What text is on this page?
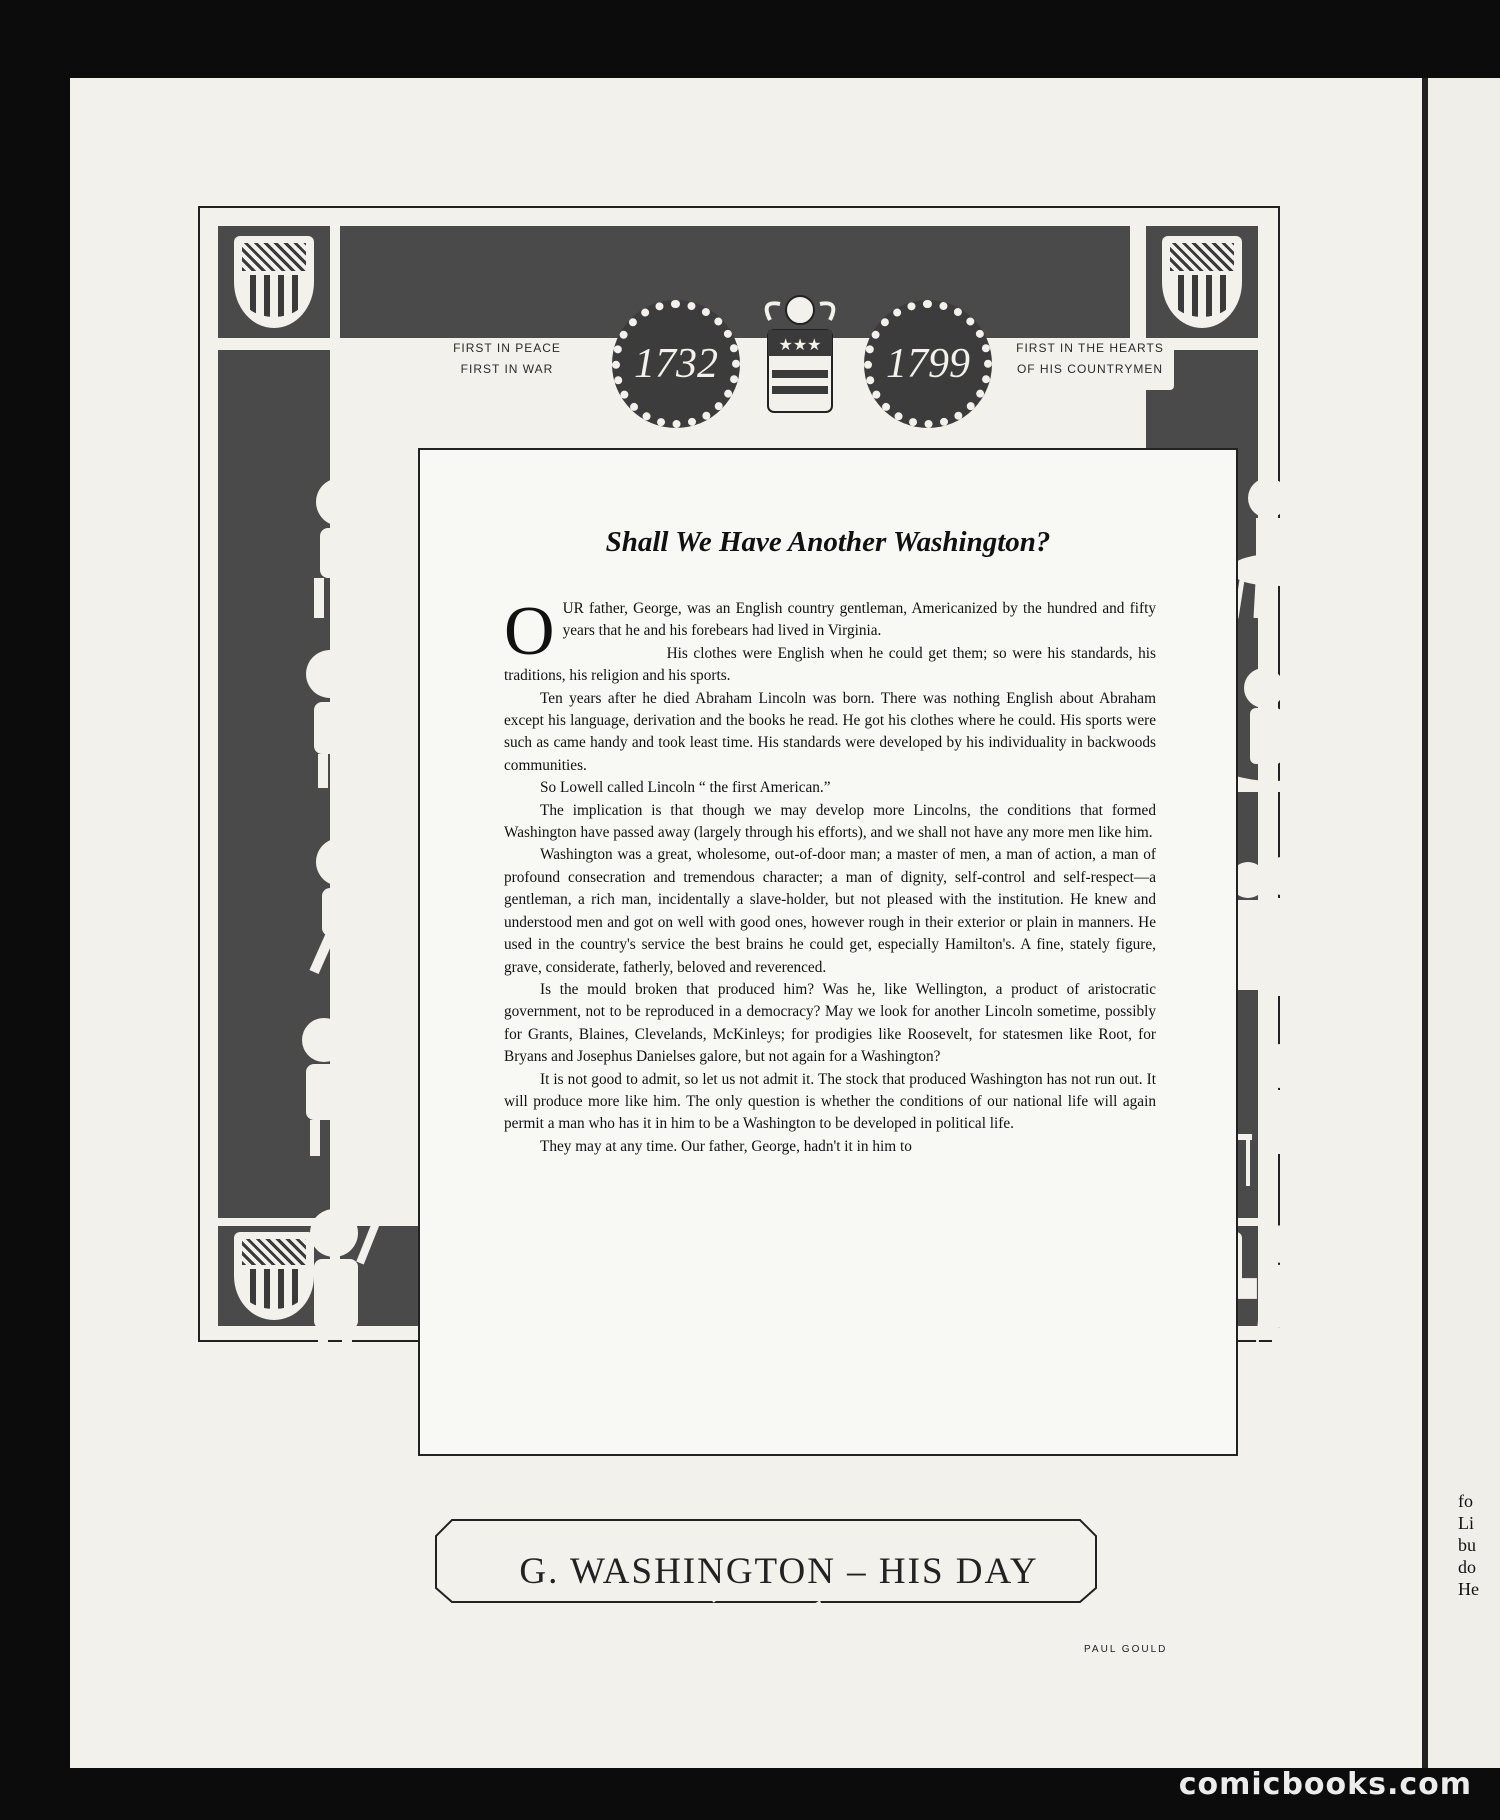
fo
Li
bu
do
He
FIRST IN PEACE
FIRST IN WAR	1732	★★★	1799	FIRST IN THE HEARTS
OF HIS COUNTRYMEN
Shall We Have Another Washington?

OUR father, George, was an English country gentleman, Americanized by the hundred and fifty years that he and his forebears had lived in Virginia.

His clothes were English when he could get them; so were his standards, his traditions, his religion and his sports.

Ten years after he died Abraham Lincoln was born. There was nothing English about Abraham except his language, derivation and the books he read. He got his clothes where he could. His sports were such as came handy and took least time. His standards were developed by his individuality in backwoods communities.

So Lowell called Lincoln “ the first American.”

The implication is that though we may develop more Lincolns, the conditions that formed Washington have passed away (largely through his efforts), and we shall not have any more men like him.

Washington was a great, wholesome, out-of-door man; a master of men, a man of action, a man of profound consecration and tremendous character; a man of dignity, self-control and self-respect—a gentleman, a rich man, incidentally a slave-holder, but not pleased with the institution. He knew and understood men and got on well with good ones, however rough in their exterior or plain in manners. He used in the country's service the best brains he could get, especially Hamilton's. A fine, stately figure, grave, considerate, fatherly, beloved and reverenced.

Is the mould broken that produced him? Was he, like Wellington, a product of aristocratic government, not to be reproduced in a democracy? May we look for another Lincoln sometime, possibly for Grants, Blaines, Clevelands, McKinleys; for prodigies like Roosevelt, for statesmen like Root, for Bryans and Josephus Danielses galore, but not again for a Washington?

It is not good to admit, so let us not admit it. The stock that produced Washington has not run out. It will produce more like him. The only question is whether the conditions of our national life will again permit a man who has it in him to be a Washington to be developed in political life.

They may at any time. Our father, George, hadn't it in him to

G. WASHINGTON – HIS DAY
PAUL GOULD
comicbooks.com
